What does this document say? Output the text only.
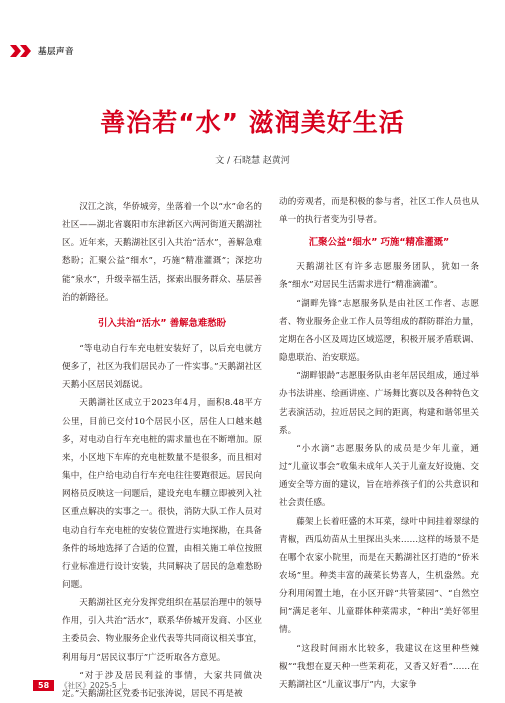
基层声音
善治若“水” 滋润美好生活
文 / 石晓慧 赵黄河

汉江之滨，华侨城旁，坐落着一个以“水”命名的社区——湖北省襄阳市东津新区六两河街道天鹅湖社区。近年来，天鹅湖社区引入共治“活水”，善解急难愁盼；汇聚公益“细水”，巧施“精准灌溉”；深挖功能“泉水”，升级幸福生活，探索出服务群众、基层善治的新路径。

引入共治“活水” 善解急难愁盼

“等电动自行车充电桩安装好了，以后充电就方便多了，社区为我们居民办了一件实事。”天鹅湖社区天鹅小区居民刘磊说。

天鹅湖社区成立于2023年4月，面积8.48平方公里，目前已交付10个居民小区，居住人口越来越多，对电动自行车充电桩的需求量也在不断增加。原来，小区地下车库的充电桩数量不是很多，而且相对集中，住户给电动自行车充电往往要跑很远。居民向网格员反映这一问题后，建设充电车棚立即被列入社区重点解决的实事之一。很快，消防大队工作人员对电动自行车充电桩的安装位置进行实地探勘，在具备条件的场地选择了合适的位置，由相关施工单位按照行业标准进行设计安装，共同解决了居民的急难愁盼问题。

天鹅湖社区充分发挥党组织在基层治理中的领导作用，引入共治“活水”，联系华侨城开发商、小区业主委员会、物业服务企业代表等共同商议相关事宜，利用每月“居民议事厅”广泛听取各方意见。

“对于涉及居民利益的事情，大家共同做决定。”天鹅湖社区党委书记张涛说，居民不再是被

动的旁观者，而是积极的参与者，社区工作人员也从单一的执行者变为引导者。

汇聚公益“细水” 巧施“精准灌溉”

天鹅湖社区有许多志愿服务团队，犹如一条条“细水”对居民生活需求进行“精准滴灌”。

“湖畔先锋”志愿服务队是由社区工作者、志愿者、物业服务企业工作人员等组成的群防群治力量，定期在各小区及周边区域巡逻，积极开展矛盾联调、隐患联治、治安联巡。

“湖畔银龄”志愿服务队由老年居民组成，通过举办书法讲座、绘画讲座、广场舞比赛以及各种特色文艺表演活动，拉近居民之间的距离，构建和谐邻里关系。

“小水滴”志愿服务队的成员是少年儿童，通过“儿童议事会”收集未成年人关于儿童友好设施、交通安全等方面的建议，旨在培养孩子们的公共意识和社会责任感。

藤架上长着旺盛的木耳菜，绿叶中间挂着翠绿的青椒，西瓜幼苗从土里探出头来……这样的场景不是在哪个农家小院里，而是在天鹅湖社区打造的“侨米农场”里。种类丰富的蔬菜长势喜人，生机盎然。充分利用闲置土地，在小区开辟“共管菜园”、“自然空间”满足老年、儿童群体种菜需求，“种出”美好邻里情。

“这段时间雨水比较多，我建议在这里种些辣椒”“我想在夏天种一些茉莉花，又香又好看”……在天鹅湖社区“儿童议事厅”内，大家争

58	《社区》2025-5 上
